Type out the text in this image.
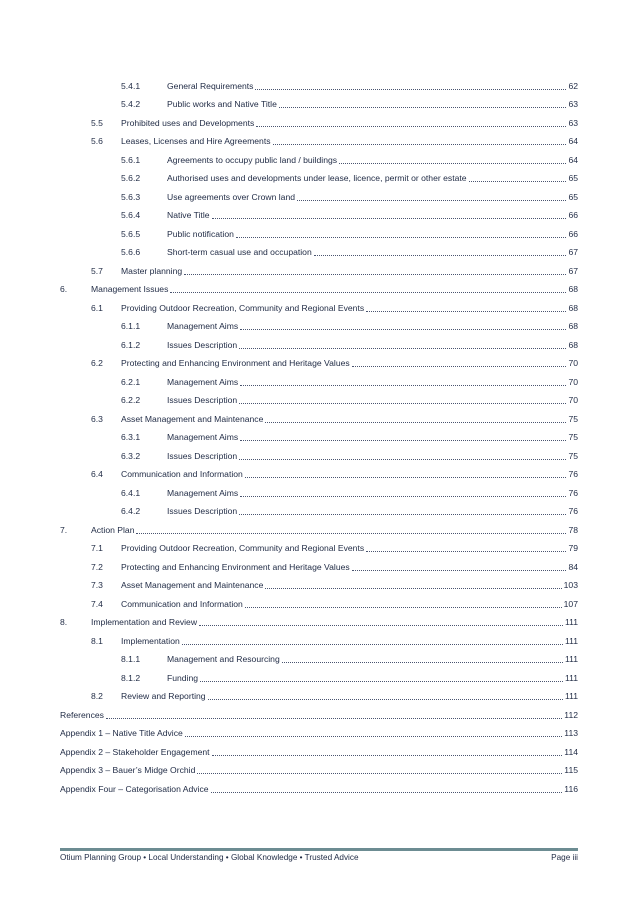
5.4.1	General Requirements	62
5.4.2	Public works and Native Title	63
5.5	Prohibited uses and Developments	63
5.6	Leases, Licenses and Hire Agreements	64
5.6.1	Agreements to occupy public land / buildings	64
5.6.2	Authorised uses and developments under lease, licence, permit or other estate	65
5.6.3	Use agreements over Crown land	65
5.6.4	Native Title	66
5.6.5	Public notification	66
5.6.6	Short-term casual use and occupation	67
5.7	Master planning	67
6.	Management Issues	68
6.1	Providing Outdoor Recreation, Community and Regional Events	68
6.1.1	Management Aims	68
6.1.2	Issues Description	68
6.2	Protecting and Enhancing Environment and Heritage Values	70
6.2.1	Management Aims	70
6.2.2	Issues Description	70
6.3	Asset Management and Maintenance	75
6.3.1	Management Aims	75
6.3.2	Issues Description	75
6.4	Communication and Information	76
6.4.1	Management Aims	76
6.4.2	Issues Description	76
7.	Action Plan	78
7.1	Providing Outdoor Recreation, Community and Regional Events	79
7.2	Protecting and Enhancing Environment and Heritage Values	84
7.3	Asset Management and Maintenance	103
7.4	Communication and Information	107
8.	Implementation and Review	111
8.1	Implementation	111
8.1.1	Management and Resourcing	111
8.1.2	Funding	111
8.2	Review and Reporting	111
References	112
Appendix 1 – Native Title Advice	113
Appendix 2 – Stakeholder Engagement	114
Appendix 3 – Bauer’s Midge Orchid	115
Appendix Four – Categorisation Advice	116
Otium Planning Group • Local Understanding • Global Knowledge • Trusted Advice	Page iii
